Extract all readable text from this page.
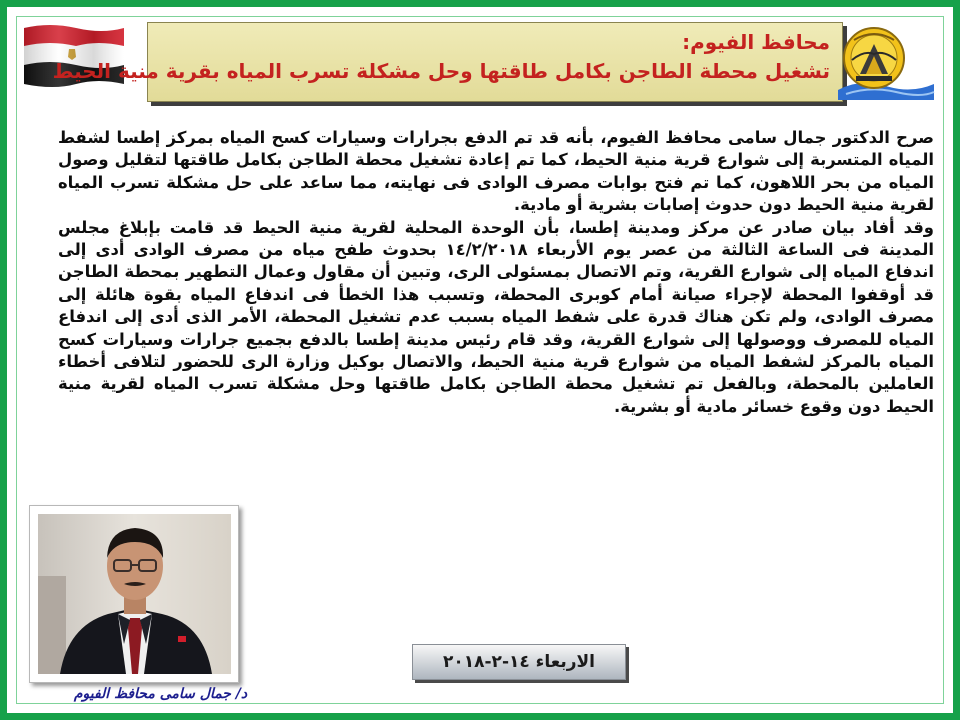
محافظ الفيوم:
تشغيل محطة الطاجن بكامل طاقتها وحل مشكلة تسرب المياه بقرية منية الحيط

صرح الدكتور جمال سامى محافظ الفيوم، بأنه قد تم الدفع بجرارات وسيارات كسح المياه بمركز إطسا لشفط المياه المتسربة إلى شوارع قرية منية الحيط، كما تم إعادة تشغيل محطة الطاجن بكامل طاقتها لتقليل وصول المياه من بحر اللاهون، كما تم فتح بوابات مصرف الوادى فى نهايته، مما ساعد على حل مشكلة تسرب المياه لقرية منية الحيط دون حدوث إصابات بشرية أو مادية.

وقد أفاد بيان صادر عن مركز ومدينة إطسا، بأن الوحدة المحلية لقرية منية الحيط قد قامت بإبلاغ مجلس المدينة فى الساعة الثالثة من عصر يوم الأربعاء ١٤/٢/٢٠١٨ بحدوث طفح مياه من مصرف الوادى أدى إلى اندفاع المياه إلى شوارع القرية، وتم الاتصال بمسئولى الرى، وتبين أن مقاول وعمال التطهير بمحطة الطاجن قد أوقفوا المحطة لإجراء صيانة أمام كوبرى المحطة، وتسبب هذا الخطأ فى اندفاع المياه بقوة هائلة إلى مصرف الوادى، ولم تكن هناك قدرة على شفط المياه بسبب عدم تشغيل المحطة، الأمر الذى أدى إلى اندفاع المياه للمصرف ووصولها إلى شوارع القرية، وقد قام رئيس مدينة إطسا بالدفع بجميع جرارات وسيارات كسح المياه بالمركز لشفط المياه من شوارع قرية منية الحيط، والاتصال بوكيل وزارة الرى للحضور لتلافى أخطاء العاملين بالمحطة، وبالفعل تم تشغيل محطة الطاجن بكامل طاقتها وحل مشكلة تسرب المياه لقرية منية الحيط دون وقوع خسائر مادية أو بشرية.

د/ جمال سامى محافظ الفيوم
الاربعاء ١٤-٢-٢٠١٨
